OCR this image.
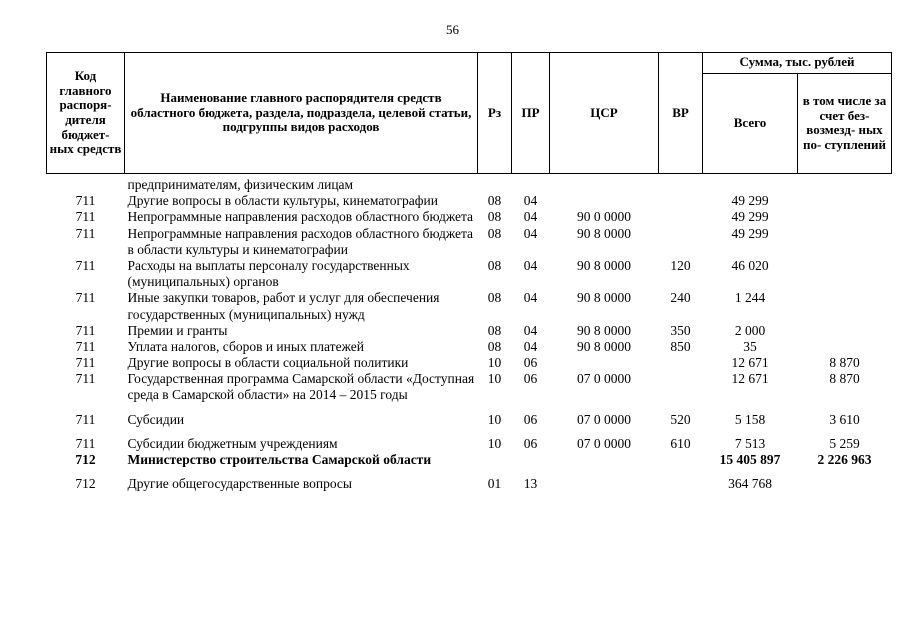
56
Код главного распоря- дителя бюджет- ных средств	Наименование главного распорядителя средств областного бюджета, раздела, подраздела, целевой статьи, подгруппы видов расходов	Рз	ПР	ЦСР	ВР	Сумма, тыс. рублей	
						Всего	в том числе за счет без- возмезд- ных по- ступлений
	предпринимателям, физическим лицам						
711	Другие вопросы в области культуры, кинематографии	08	04			49 299	
711	Непрограммные направления расходов областного бюджета	08	04	90 0 0000		49 299	
711	Непрограммные направления расходов областного бюджета в области культуры и кинематографии	08	04	90 8 0000		49 299	
711	Расходы на выплаты персоналу государственных (муниципальных) органов	08	04	90 8 0000	120	46 020	
711	Иные закупки товаров, работ и услуг для обеспечения государственных (муниципальных) нужд	08	04	90 8 0000	240	1 244	
711	Премии и гранты	08	04	90 8 0000	350	2 000	
711	Уплата налогов, сборов и иных платежей	08	04	90 8 0000	850	35	
711	Другие вопросы в области социальной политики	10	06			12 671	8 870
711	Государственная программа Самарской области «Доступная среда в Самарской области» на 2014 – 2015 годы	10	06	07 0 0000		12 671	8 870
711	Субсидии	10	06	07 0 0000	520	5 158	3 610
711	Субсидии бюджетным учреждениям	10	06	07 0 0000	610	7 513	5 259
712	Министерство строительства Самарской области					15 405 897	2 226 963
712	Другие общегосударственные вопросы	01	13			364 768	
